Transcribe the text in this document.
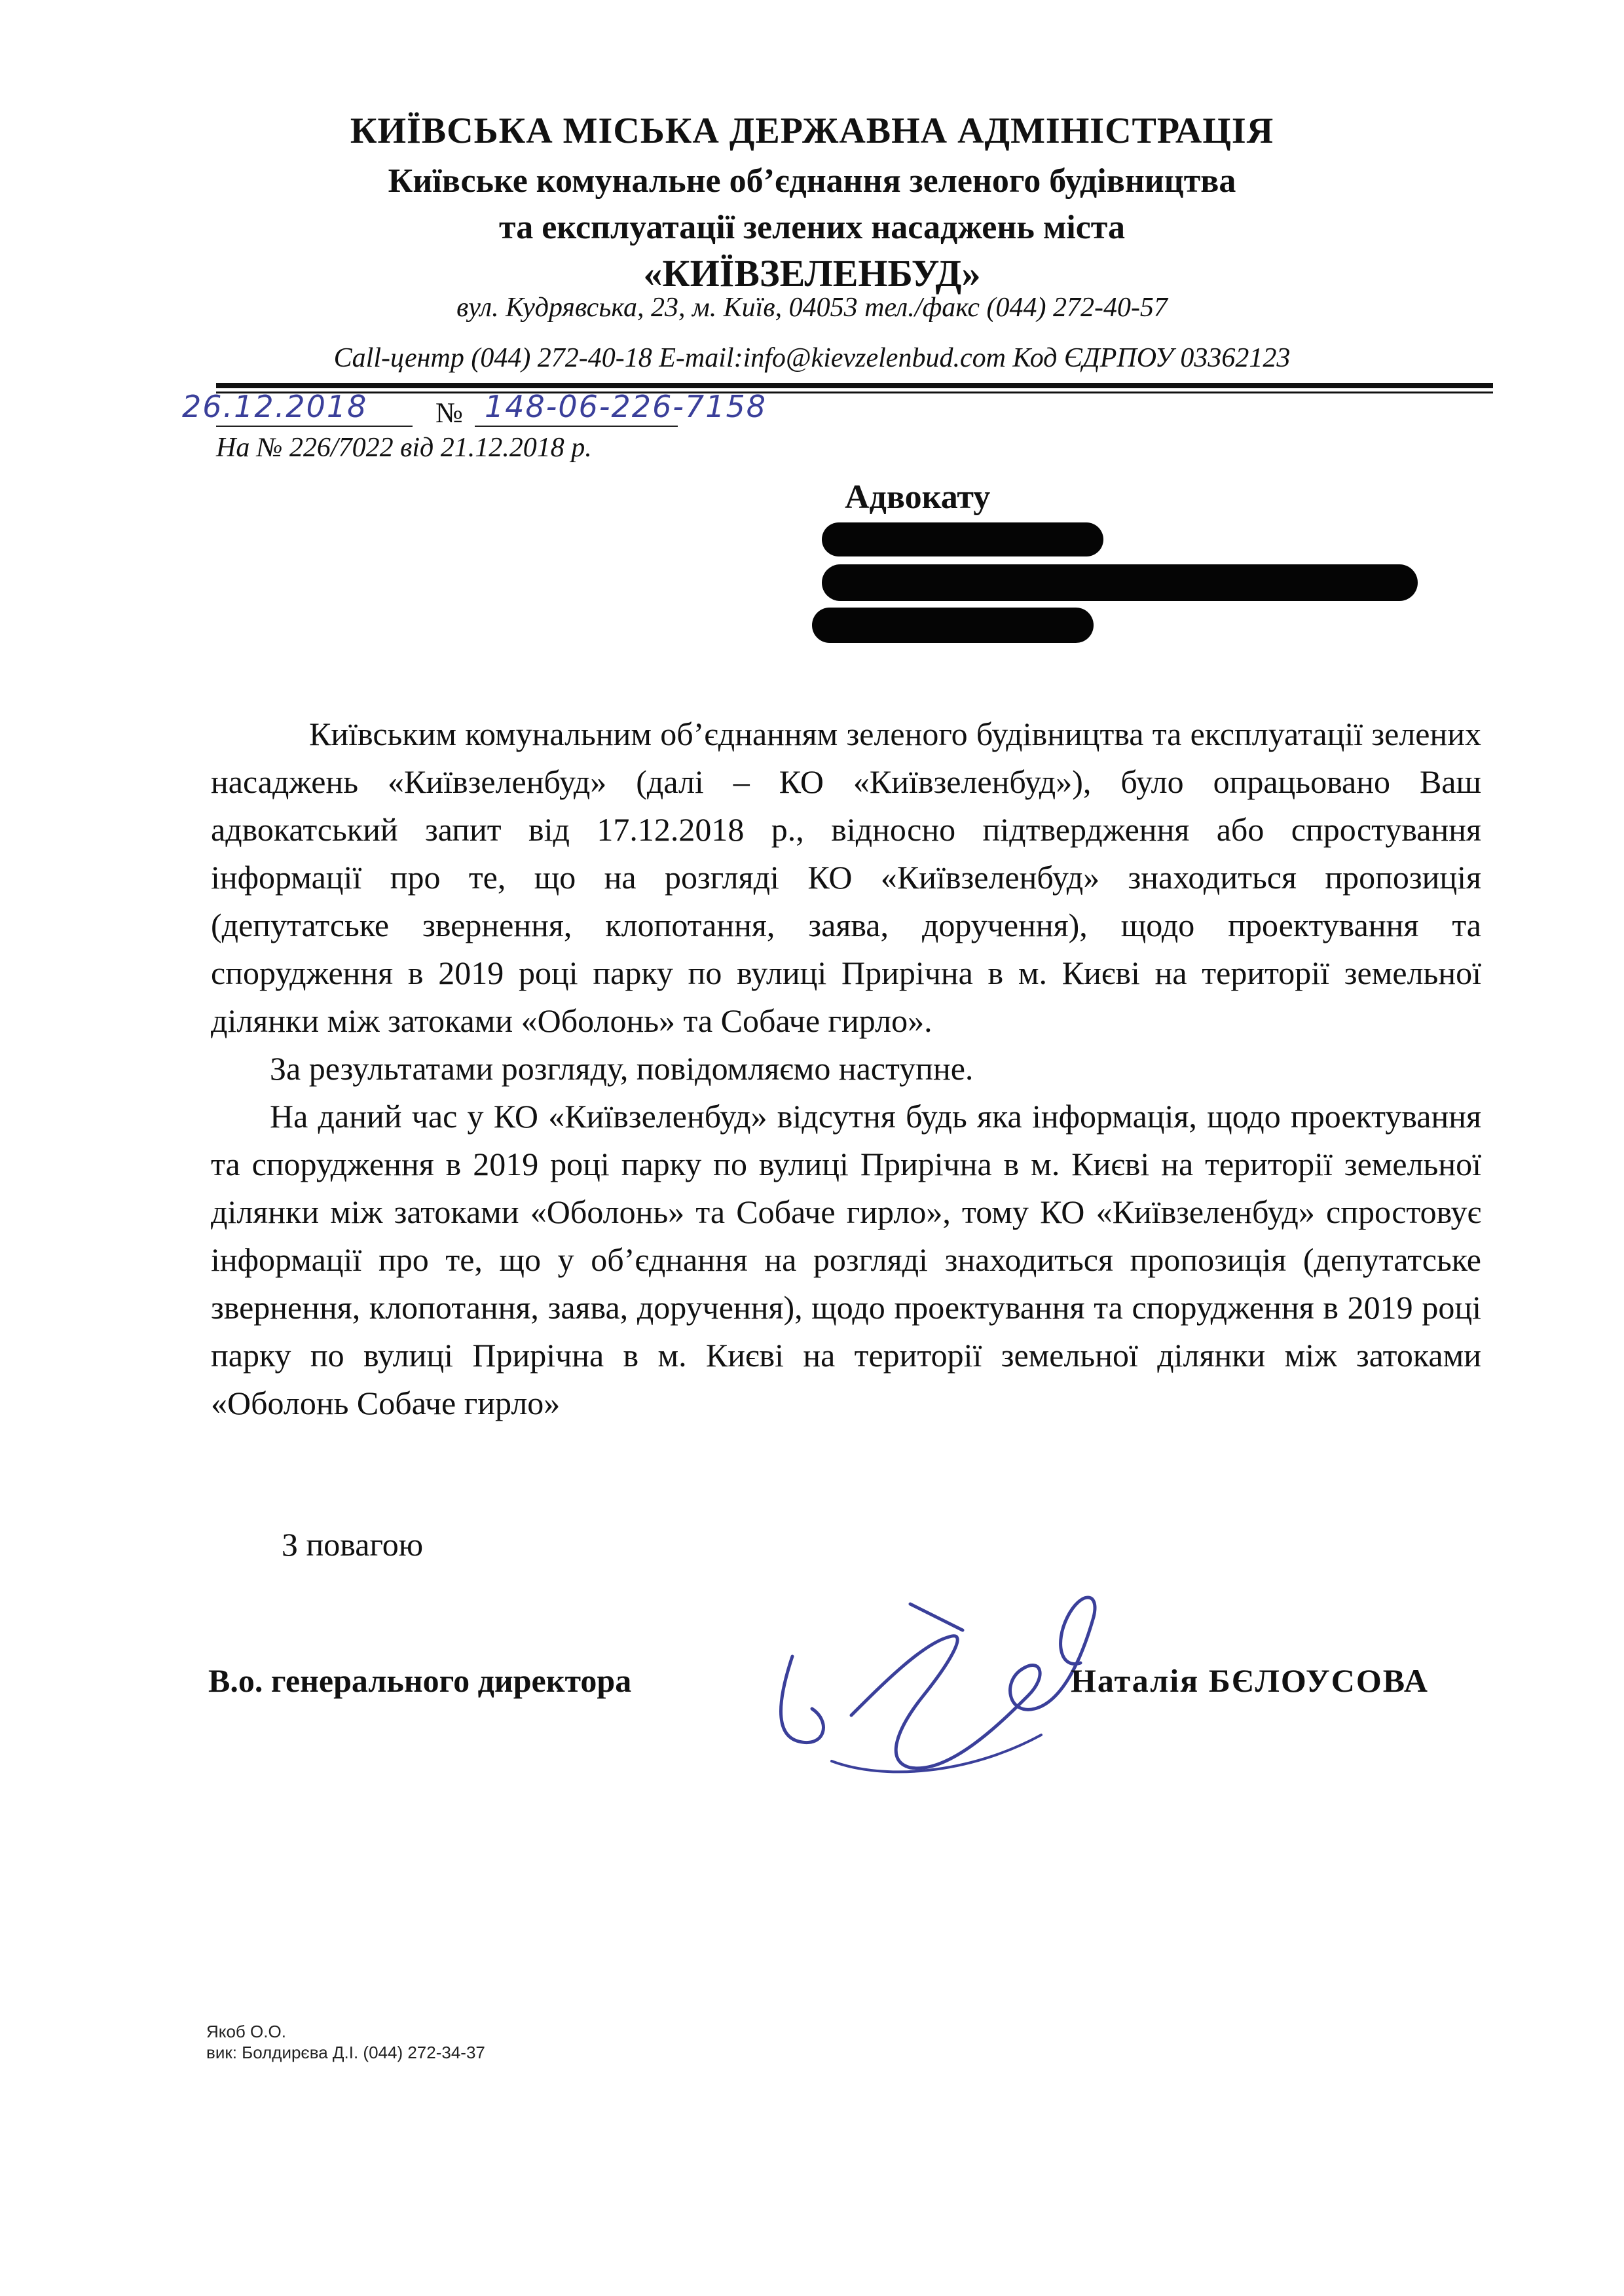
КИЇВСЬКА МІСЬКА ДЕРЖАВНА АДМІНІСТРАЦІЯ
Київське комунальне об’єднання зеленого будівництва
та експлуатації зелених насаджень міста
«КИЇВЗЕЛЕНБУД»
вул. Кудрявська, 23, м. Київ, 04053 тел./факс (044) 272-40-57
Call-центр (044) 272-40-18 E-mail:info@kievzelenbud.com Код ЄДРПОУ 03362123
26.12.2018 № 148-06-226-7158
На № 226/7022 від 21.12.2018 р.
Адвокату

Київським комунальним об’єднанням зеленого будівництва та експлуатації зелених насаджень «Київзеленбуд» (далі – КО «Київзеленбуд»), було опрацьовано Ваш адвокатський запит від 17.12.2018 р., відносно підтвердження або спростування інформації про те, що на розгляді КО «Київзеленбуд» знаходиться пропозиція (депутатське звернення, клопотання, заява, доручення), щодо проектування та спорудження в 2019 році парку по вулиці Прирічна в м. Києві на території земельної ділянки між затоками «Оболонь» та Собаче гирло».

За результатами розгляду, повідомляємо наступне.

На даний час у КО «Київзеленбуд» відсутня будь яка інформація, щодо проектування та спорудження в 2019 році парку по вулиці Прирічна в м. Києві на території земельної ділянки між затоками «Оболонь» та Собаче гирло», тому КО «Київзеленбуд» спростовує інформації про те, що у об’єднання на розгляді знаходиться пропозиція (депутатське звернення, клопотання, заява, доручення), щодо проектування та спорудження в 2019 році парку по вулиці Прирічна в м. Києві на території земельної ділянки між затоками «Оболонь Собаче гирло»

З повагою
В.о. генерального директора	Наталія БЄЛОУСОВА
Якоб О.О.
вик: Болдирєва Д.І. (044) 272-34-37
